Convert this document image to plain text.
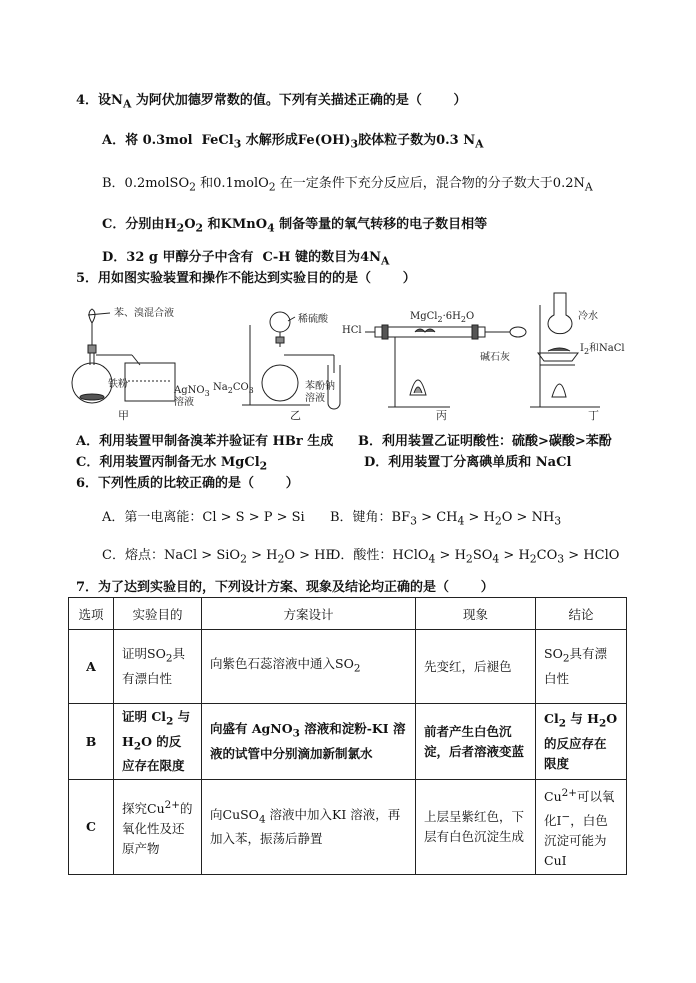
4．设$N_A$ 为阿伏加德罗常数的值。下列有关描述正确的是（       ）
A．将 0.3mol  FeCl$_3$ 水解形成$Fe(OH)_3$胶体粒子数为0.3 $N_A$
B．0.2molSO$_2$ 和0.1molO$_2$ 在一定条件下充分反应后，混合物的分子数大于$0.2N_A$
C．分别由$H_2O_2$ 和KMnO$_4$ 制备等量的氧气转移的电子数目相等
D．32 g 甲醇分子中含有  C-H 键的数目为$4N_A$
5．用如图实验装置和操作不能达到实验目的的是（       ）
苯、溴混合液
铁粉
AgNO$_3$
溶液
甲
稀硫酸
$Na_2CO_3$	苯酚钠
溶液
乙
HCl
$MgCl_2\cdot 6H_2O$
碱石灰
丙
冷水
$I_2$和NaCl
丁
A．利用装置甲制备溴苯并验证有 HBr 生成 B．利用装置乙证明酸性：硫酸>碳酸>苯酚
C．利用装置丙制备无水 MgCl$_2$	D．利用装置丁分离碘单质和 NaCl
6．下列性质的比较正确的是（       ）
A．第一电离能：Cl > S > P > Si B．键角：$BF_3 > CH_4 > H_2O > NH_3$
C．熔点：NaCl > $SiO_2 > H_2O$ > HF
D．酸性：HClO$_4$ > $H_2SO_4 > H_2CO_3$ > HClO
7．为了达到实验目的，下列设计方案、现象及结论均正确的是（       ）
选项	实验目的	方案设计	现象	结论
A	证明$SO_2$具有漂白性	向紫色石蕊溶液中通入$SO_2$	先变红，后褪色	$SO_2$具有漂白性
B	证明 $Cl_2$ 与 $H_2O$ 的反应存在限度	向盛有 AgNO$_3$ 溶液和淀粉-KI 溶液的试管中分别滴加新制氯水	前者产生白色沉淀，后者溶液变蓝	$Cl_2$ 与 $H_2O$ 的反应存在限度
C	探究$Cu^{2+}$的氧化性及还原产物	向CuSO$_4$ 溶液中加入KI 溶液，再加入苯，振荡后静置	上层呈紫红色，下层有白色沉淀生成	$Cu^{2+}$可以氧化I−，白色沉淀可能为CuI
